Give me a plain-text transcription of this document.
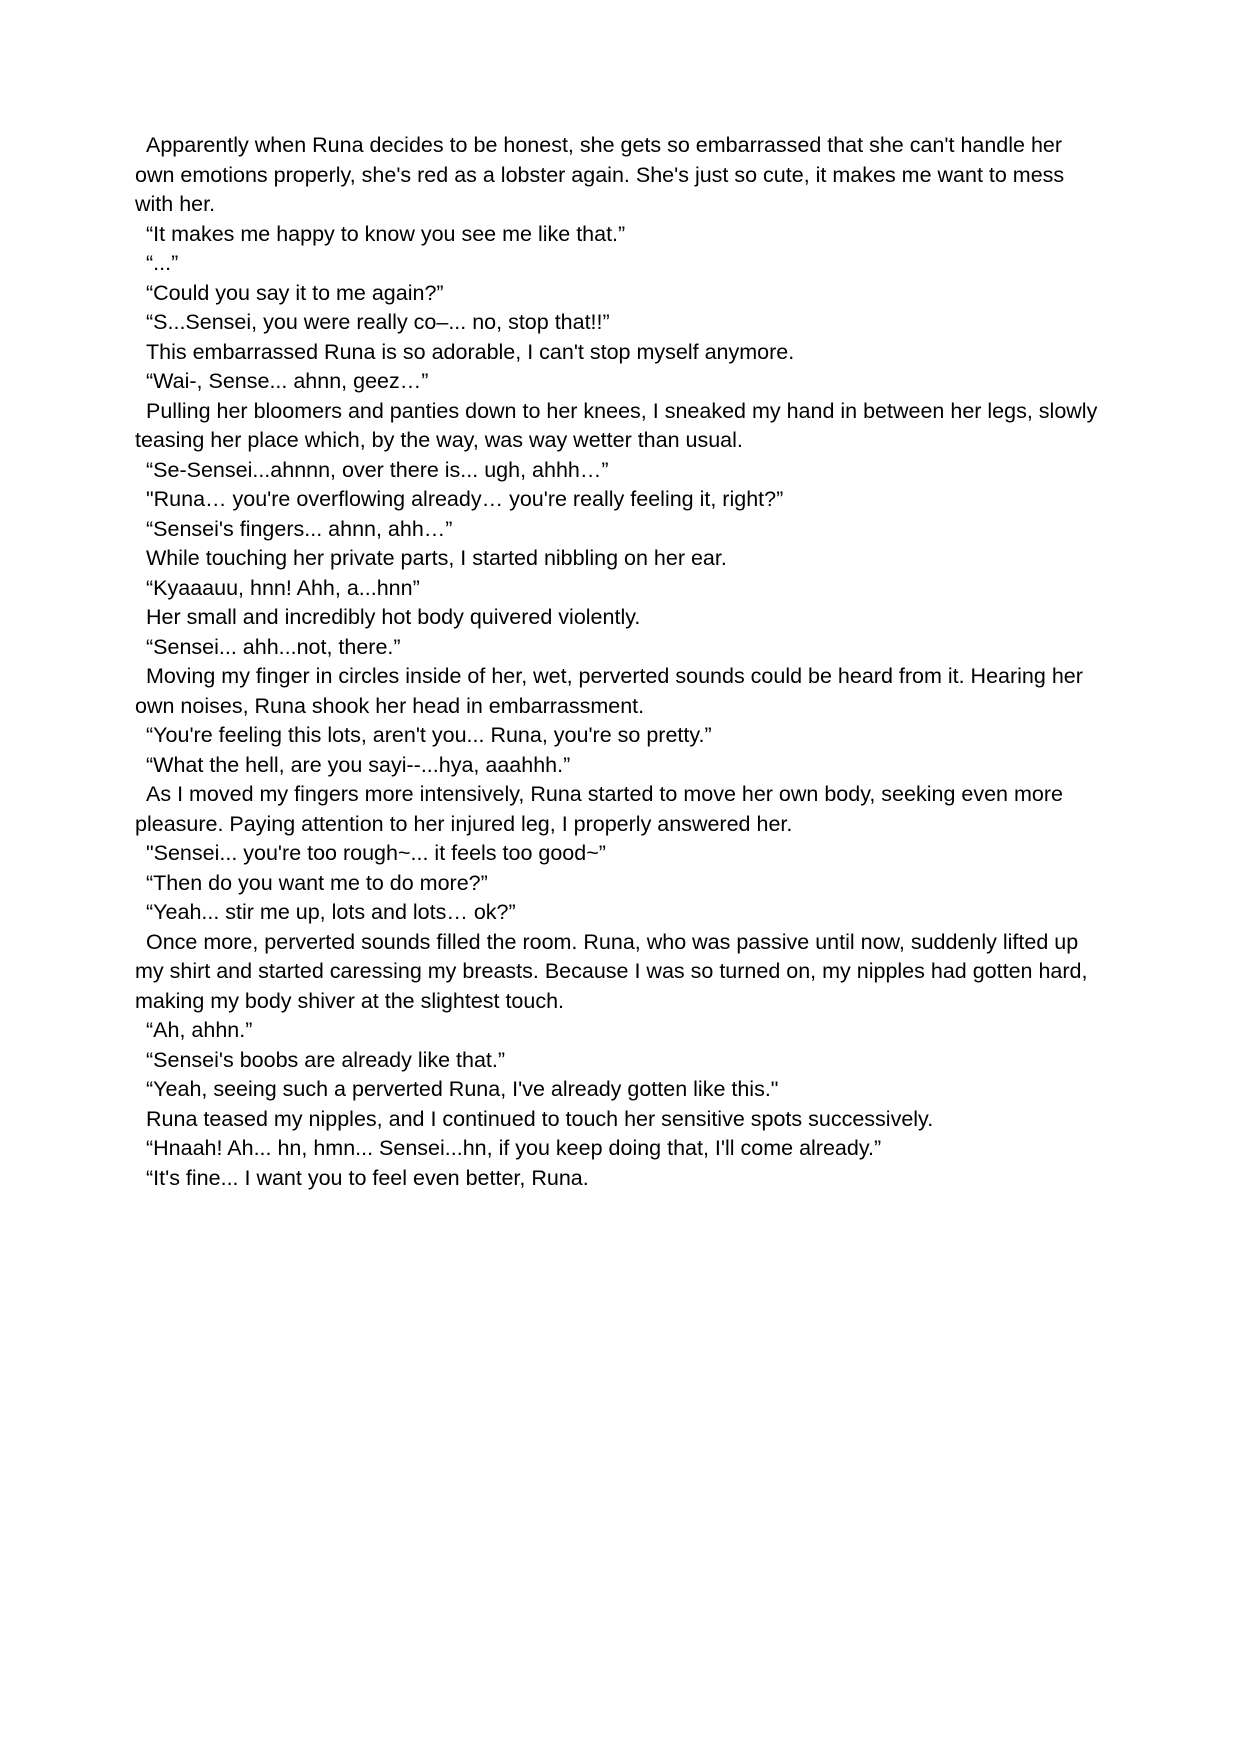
Apparently when Runa decides to be honest, she gets so embarrassed that she can't handle her own emotions properly, she's red as a lobster again. She's just so cute, it makes me want to mess with her.

“It makes me happy to know you see me like that.”

“...”

“Could you say it to me again?”

“S...Sensei, you were really co–... no, stop that!!”

This embarrassed Runa is so adorable, I can't stop myself anymore.

“Wai-, Sense... ahnn, geez…”

Pulling her bloomers and panties down to her knees, I sneaked my hand in between her legs, slowly teasing her place which, by the way, was way wetter than usual.

“Se-Sensei...ahnnn, over there is... ugh, ahhh…”

"Runa… you're overflowing already… you're really feeling it, right?”

“Sensei's fingers... ahnn, ahh…”

While touching her private parts, I started nibbling on her ear.

“Kyaaauu, hnn! Ahh, a...hnn”

Her small and incredibly hot body quivered violently.

“Sensei... ahh...not, there.”

Moving my finger in circles inside of her, wet, perverted sounds could be heard from it. Hearing her own noises, Runa shook her head in embarrassment.

“You're feeling this lots, aren't you... Runa, you're so pretty.”

“What the hell, are you sayi--...hya, aaahhh.”

As I moved my fingers more intensively, Runa started to move her own body, seeking even more pleasure. Paying attention to her injured leg, I properly answered her.

"Sensei... you're too rough~... it feels too good~”

“Then do you want me to do more?”

“Yeah... stir me up, lots and lots… ok?”

Once more, perverted sounds filled the room. Runa, who was passive until now, suddenly lifted up my shirt and started caressing my breasts. Because I was so turned on, my nipples had gotten hard, making my body shiver at the slightest touch.

“Ah, ahhn.”

“Sensei's boobs are already like that.”

“Yeah, seeing such a perverted Runa, I've already gotten like this."

Runa teased my nipples, and I continued to touch her sensitive spots successively.

“Hnaah! Ah... hn, hmn... Sensei...hn, if you keep doing that, I'll come already.”

“It's fine... I want you to feel even better, Runa.
